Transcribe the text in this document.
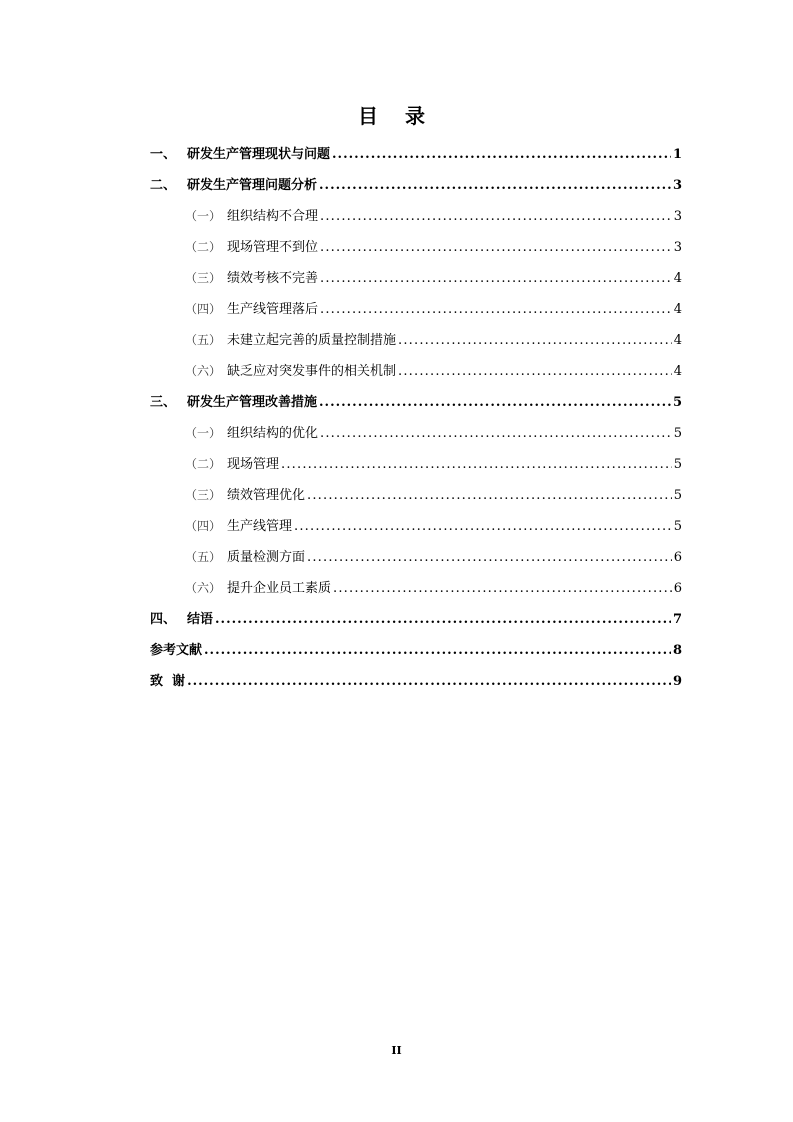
目 录
一、 研发生产管理现状与问题 .....	1
二、 研发生产管理问题分析 .....	3
（一） 组织结构不合理 .....	3
（二） 现场管理不到位 .....	3
（三） 绩效考核不完善 .....	4
（四） 生产线管理落后 .....	4
（五） 未建立起完善的质量控制措施 .....	4
（六） 缺乏应对突发事件的相关机制 .....	4
三、 研发生产管理改善措施 .....	5
（一） 组织结构的优化 .....	5
（二） 现场管理 .....	5
（三） 绩效管理优化 .....	5
（四） 生产线管理 .....	5
（五） 质量检测方面 .....	6
（六） 提升企业员工素质 .....	6
四、 结语 .....	7
参考文献 .....	8
致  谢 .....	9
II
